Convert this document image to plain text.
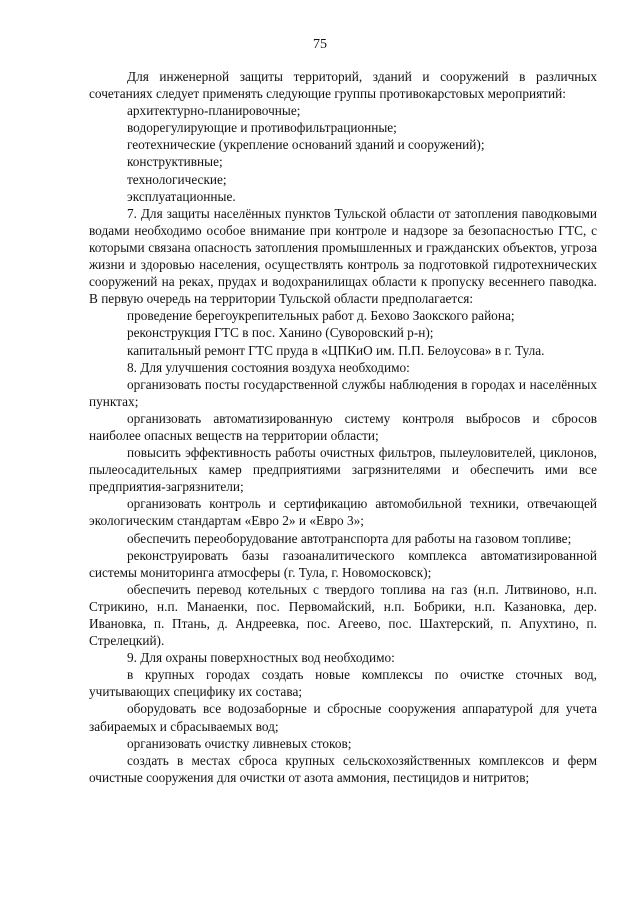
75
Для инженерной защиты территорий, зданий и сооружений в различных сочетаниях следует применять следующие группы противокарстовых мероприятий:
архитектурно-планировочные;
водорегулирующие и противофильтрационные;
геотехнические (укрепление оснований зданий и сооружений);
конструктивные;
технологические;
эксплуатационные.
7. Для защиты населённых пунктов Тульской области от затопления паводковыми водами необходимо особое внимание при контроле и надзоре за безопасностью ГТС, с которыми связана опасность затопления промышленных и гражданских объектов, угроза жизни и здоровью населения, осуществлять контроль за подготовкой гидротехнических сооружений на реках, прудах и водохранилищах области к пропуску весеннего паводка. В первую очередь на территории Тульской области предполагается:
проведение берегоукрепительных работ д. Бехово Заокского района;
реконструкция ГТС в пос. Ханино (Суворовский р-н);
капитальный ремонт ГТС пруда в «ЦПКиО им. П.П. Белоусова» в г. Тула.
8. Для улучшения состояния воздуха необходимо:
организовать посты государственной службы наблюдения в городах и населённых пунктах;
организовать автоматизированную систему контроля выбросов и сбросов наиболее опасных веществ на территории области;
повысить эффективность работы очистных фильтров, пылеуловителей, циклонов, пылеосадительных камер предприятиями загрязнителями и обеспечить ими все предприятия-загрязнители;
организовать контроль и сертификацию автомобильной техники, отвечающей экологическим стандартам «Евро 2» и «Евро 3»;
обеспечить переоборудование автотранспорта для работы на газовом топливе;
реконструировать базы газоаналитического комплекса автоматизированной системы мониторинга атмосферы (г. Тула, г. Новомосковск);
обеспечить перевод котельных с твердого топлива на газ (н.п. Литвиново, н.п. Стрикино, н.п. Манаенки, пос. Первомайский, н.п. Бобрики, н.п. Казановка, дер. Ивановка, п. Птань, д. Андреевка, пос. Агеево, пос. Шахтерский, п. Апухтино, п. Стрелецкий).
9. Для охраны поверхностных вод необходимо:
в крупных городах создать новые комплексы по очистке сточных вод, учитывающих специфику их состава;
оборудовать все водозаборные и сбросные сооружения аппаратурой для учета забираемых и сбрасываемых вод;
организовать очистку ливневых стоков;
создать в местах сброса крупных сельскохозяйственных комплексов и ферм очистные сооружения для очистки от азота аммония, пестицидов и нитритов;
